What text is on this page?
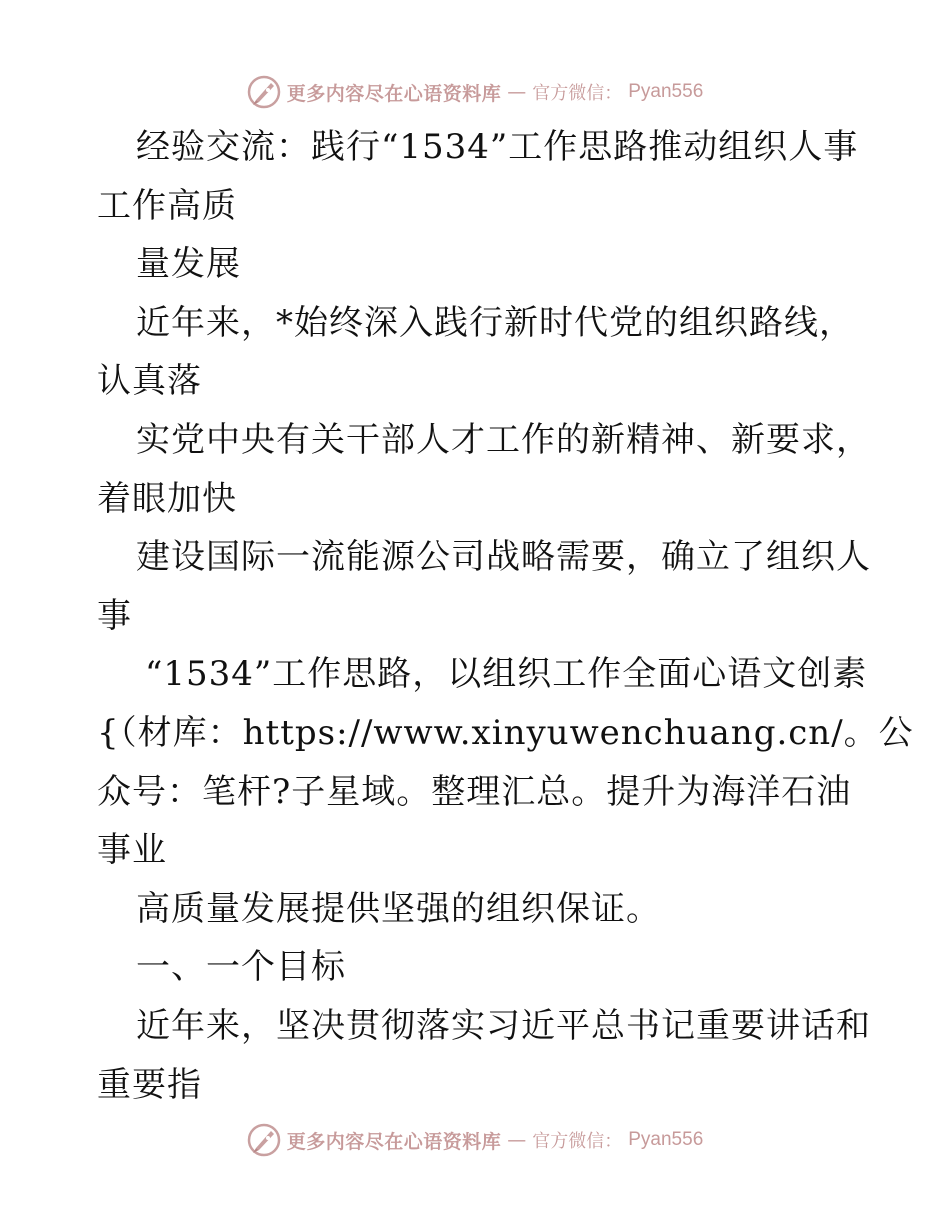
更多内容尽在心语资料库 — 官方微信： Pyan556
经验交流：践行“1534”工作思路推动组织人事
工作高质
量发展
近年来，*始终深入践行新时代党的组织路线，
认真落
实党中央有关干部人才工作的新精神、新要求，
着眼加快
建设国际一流能源公司战略需要，确立了组织人
事
“1534”工作思路，以组织工作全面心语文创素
{（材库：https://www.xinyuwenchuang.cn/。公
众号：笔杆?子星域。整理汇总。提升为海洋石油
事业
高质量发展提供坚强的组织保证。
一、一个目标
近年来，坚决贯彻落实习近平总书记重要讲话和
重要指
更多内容尽在心语资料库 — 官方微信： Pyan556
